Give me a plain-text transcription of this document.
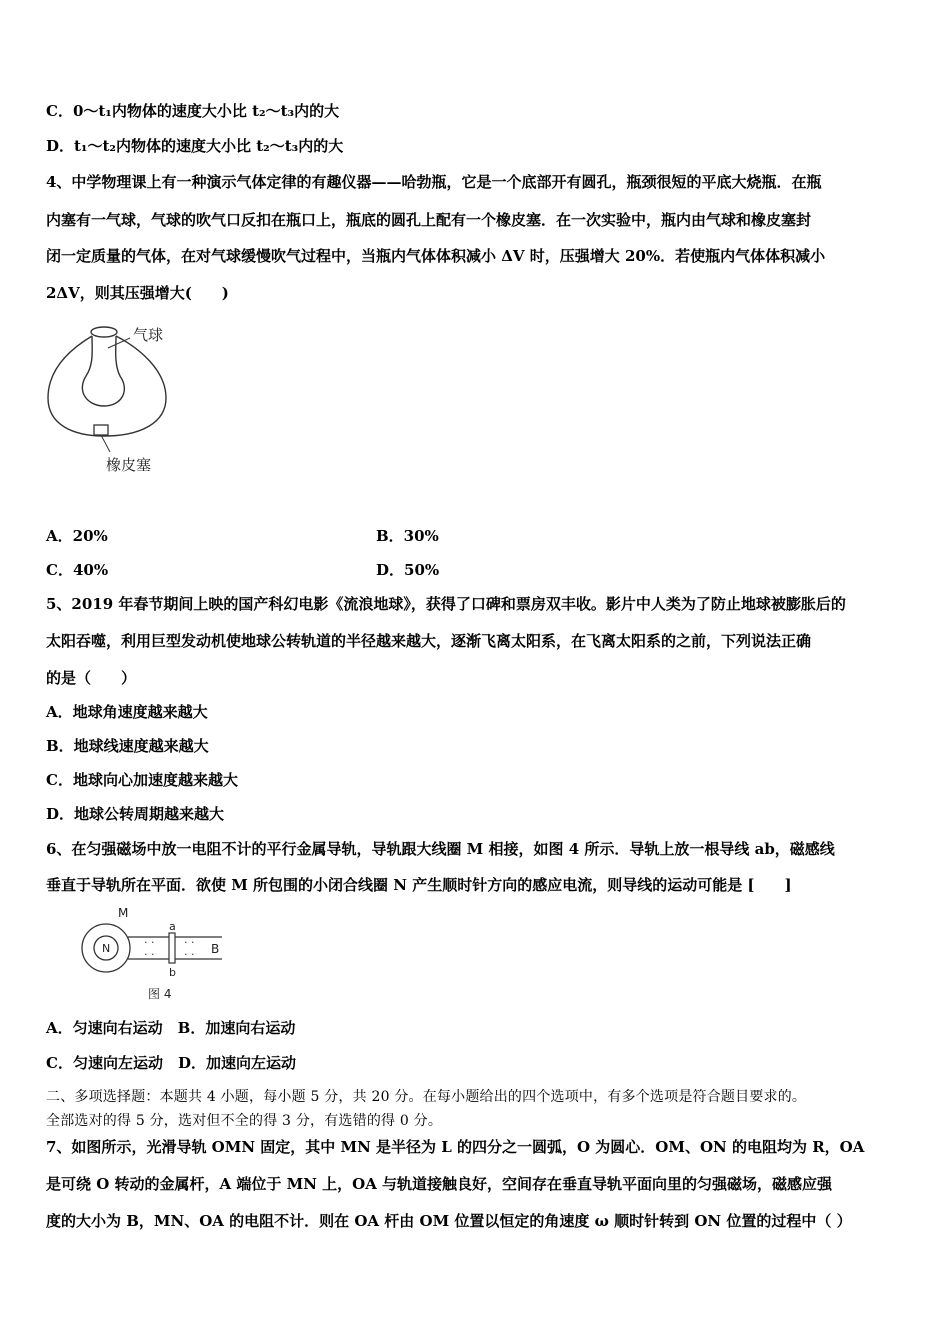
C．0～t₁内物体的速度大小比 t₂～t₃内的大
D．t₁～t₂内物体的速度大小比 t₂～t₃内的大
4、中学物理课上有一种演示气体定律的有趣仪器——哈勃瓶，它是一个底部开有圆孔，瓶颈很短的平底大烧瓶．在瓶
内塞有一气球，气球的吹气口反扣在瓶口上，瓶底的圆孔上配有一个橡皮塞．在一次实验中，瓶内由气球和橡皮塞封
闭一定质量的气体，在对气球缓慢吹气过程中，当瓶内气体体积减小 ΔV 时，压强增大 20%．若使瓶内气体体积减小
2ΔV，则其压强增大(　　)
气球
橡皮塞
A．20%	B．30%
C．40%	D．50%
5、2019 年春节期间上映的国产科幻电影《流浪地球》，获得了口碑和票房双丰收。影片中人类为了防止地球被膨胀后的
太阳吞噬，利用巨型发动机使地球公转轨道的半径越来越大，逐渐飞离太阳系，在飞离太阳系的之前，下列说法正确
的是（　　）
A．地球角速度越来越大
B．地球线速度越来越大
C．地球向心加速度越来越大
D．地球公转周期越来越大
6、在匀强磁场中放一电阻不计的平行金属导轨，导轨跟大线圈 M 相接，如图 4 所示．导轨上放一根导线 ab，磁感线
垂直于导轨所在平面．欲使 M 所包围的小闭合线圈 N 产生顺时针方向的感应电流，则导线的运动可能是 [　　]
M
N	· ·
· ·
· ·
· ·
a
b
B
图 4
A．匀速向右运动　B．加速向右运动
C．匀速向左运动　D．加速向左运动
二、多项选择题：本题共 4 小题，每小题 5 分，共 20 分。在每小题给出的四个选项中，有多个选项是符合题目要求的。
全部选对的得 5 分，选对但不全的得 3 分，有选错的得 0 分。
7、如图所示，光滑导轨 OMN 固定，其中 MN 是半径为 L 的四分之一圆弧，O 为圆心．OM、ON 的电阻均为 R，OA
是可绕 O 转动的金属杆，A 端位于 MN 上，OA 与轨道接触良好，空间存在垂直导轨平面向里的匀强磁场，磁感应强
度的大小为 B，MN、OA 的电阻不计．则在 OA 杆由 OM 位置以恒定的角速度 ω 顺时针转到 ON 位置的过程中（ ）
